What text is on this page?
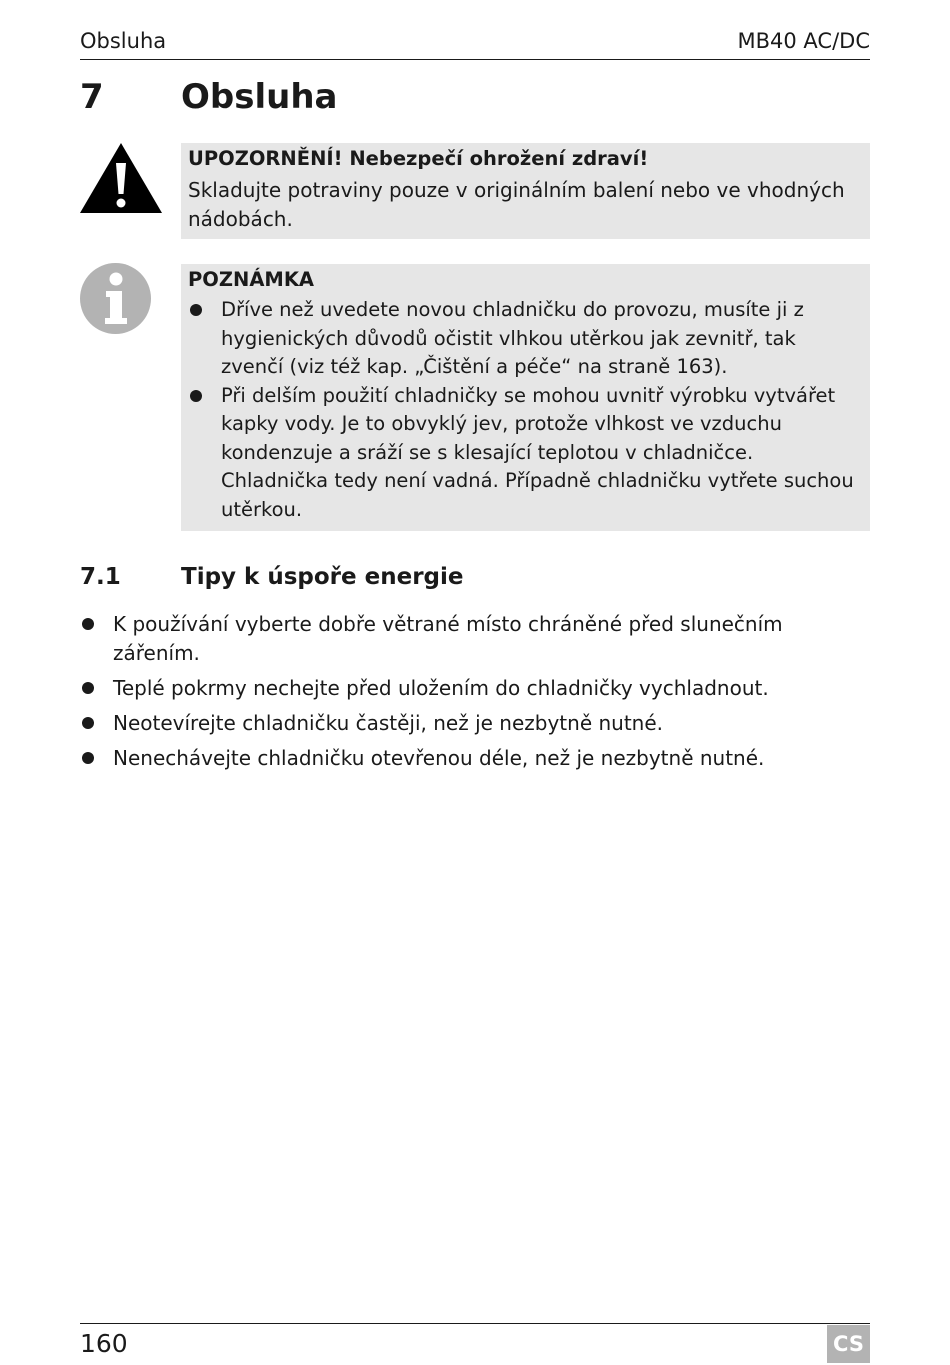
Obsluha	MB40 AC/DC
7 Obsluha
UPOZORNĚNÍ! Nebezpečí ohrožení zdraví!
Skladujte potraviny pouze v originálním balení nebo ve vhodných nádobách.
POZNÁMKA
Dříve než uvedete novou chladničku do provozu, musíte ji z hygienických důvodů očistit vlhkou utěrkou jak zevnitř, tak zvenčí (viz též kap. „Čištění a péče“ na straně 163).
Při delším použití chladničky se mohou uvnitř výrobku vytvářet kapky vody. Je to obvyklý jev, protože vlhkost ve vzduchu kondenzuje a sráží se s klesající teplotou v chladničce. Chladnička tedy není vadná. Případně chladničku vytřete suchou utěrkou.
7.1	Tipy k úspoře energie
K používání vyberte dobře větrané místo chráněné před slunečním zářením.
Teplé pokrmy nechejte před uložením do chladničky vychladnout.
Neotevírejte chladničku častěji, než je nezbytně nutné.
Nenechávejte chladničku otevřenou déle, než je nezbytně nutné.
160	CS
